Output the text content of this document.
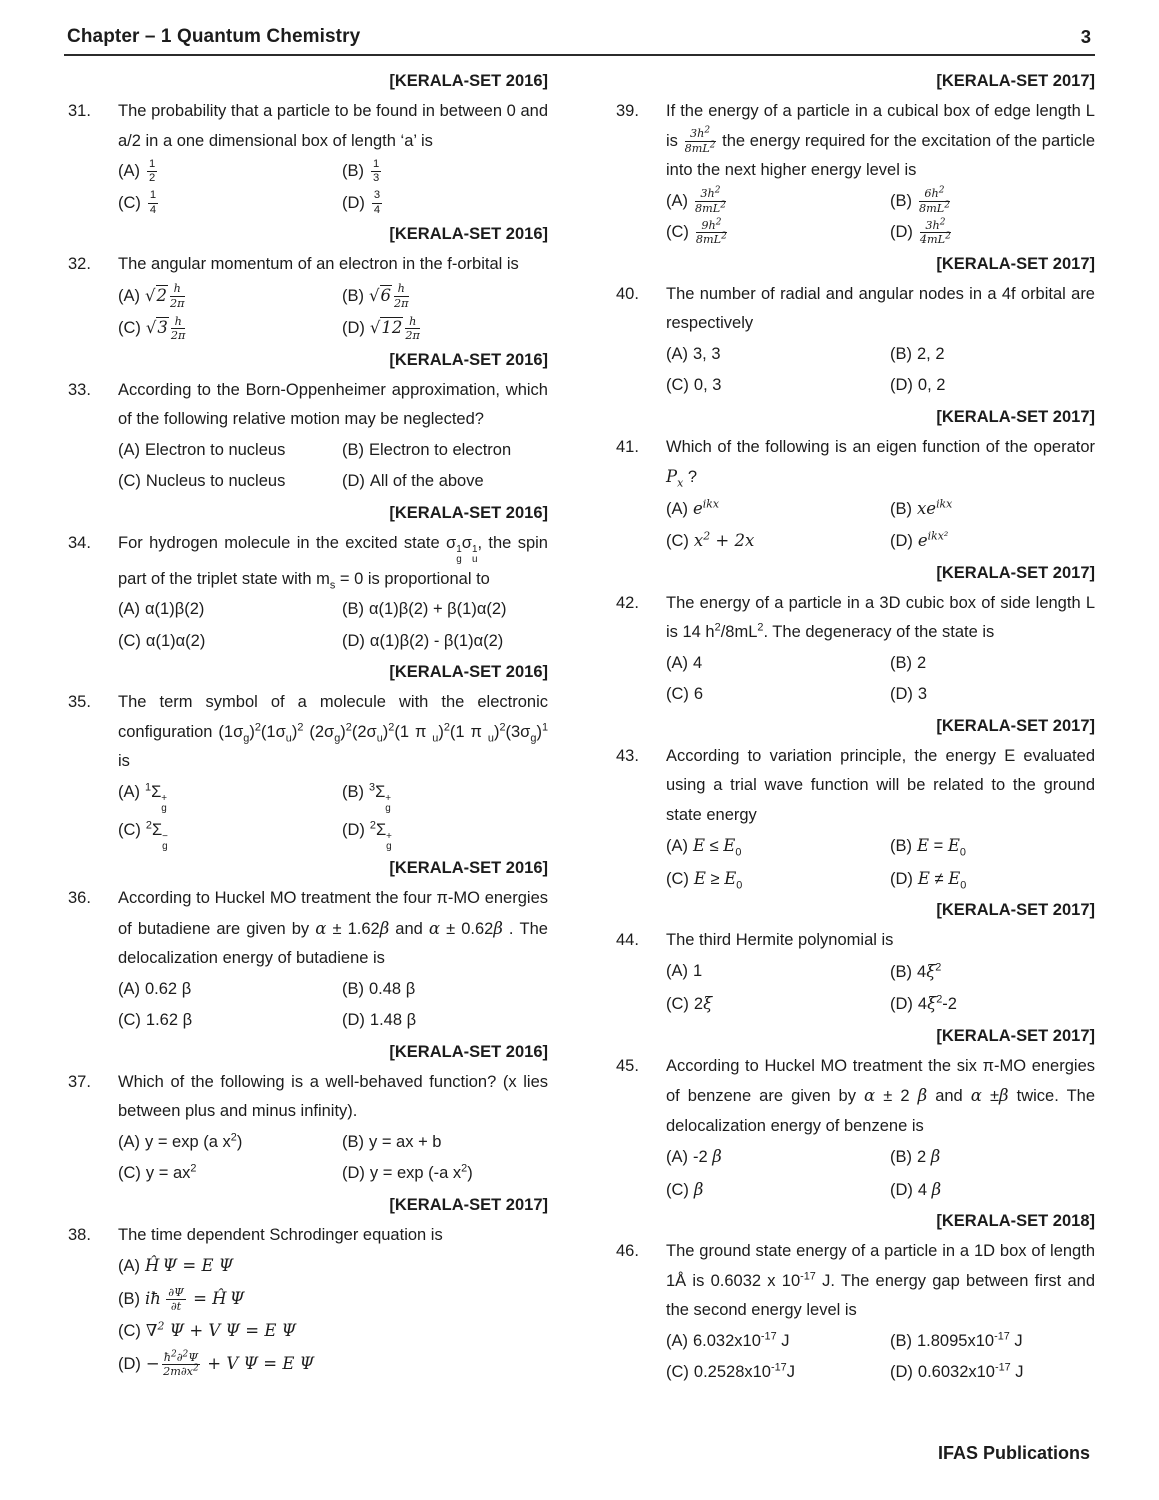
Chapter – 1 Quantum Chemistry	3
[KERALA-SET 2016]
31.	The probability that a particle to be found in between 0 and a/2 in a one dimensional box of length ‘a’ is
$(A) \frac{1}{2}$	$(B) \frac{1}{3}$
$(C) \frac{1}{4}$	$(D) \frac{3}{4}$
[KERALA-SET 2016]
32.	The angular momentum of an electron in the f-orbital is
(A) $√2 \frac{h}{2\pi}$	(B) $√6 \frac{h}{2\pi}$
(C) $√3 \frac{h}{2\pi}$	(D) $√12 \frac{h}{2\pi}$
[KERALA-SET 2016]
33.	According to the Born-Oppenheimer approximation, which of the following relative motion may be neglected?
(A) Electron to nucleus	(B) Electron to electron
(C) Nucleus to nucleus	(D) All of the above
[KERALA-SET 2016]
34.	For hydrogen molecule in the excited state σ 1
g
σ 1
u
, the spin part of the triplet state with $m_s = 0$ is proportional to
(A) α(1)β(2)	(B) α(1)β(2) + β(1)α(2)
(C) α(1)α(2)	(D) α(1)β(2) - β(1)α(2)
[KERALA-SET 2016]
35.	The term symbol of a molecule with the electronic configuration $(1\sigma_g)^2(1\sigma_u)^2$ $(2\sigma_g)^2(2\sigma_u)^2(1$ π $_u$)$^2$(1 π $_u)^2(3\sigma_g)^1$ is
(A) $^1$Σ +
g
(B) $^3$Σ +
g
(C) $^2$Σ −
g
(D) $^2$Σ +
g
[KERALA-SET 2016]
36.	According to Huckel MO treatment the four π-MO energies of butadiene are given by α ± 1.62β and α ± 0.62β . The delocalization energy of butadiene is
(A) 0.62 β	(B) 0.48 β
(C) 1.62 β	(D) 1.48 β
[KERALA-SET 2016]
37.	Which of the following is a well-behaved function? (x lies between plus and minus infinity).
(A) y = exp (a $x^2$)	(B) y = ax + b
(C) $y = ax^2$	(D) y = exp (-a $x^2$)
[KERALA-SET 2017]
38.	The time dependent Schrodinger equation is
(A) Ĥ Ψ = E Ψ
(B) iħ  $\frac{\partial\Psi}{\partial t}$ = Ĥ Ψ
(C) ∇$^2$ Ψ + V Ψ = E Ψ
$(D) - \frac{ħ^2\partial^2\Psi}{2m\partial x^2} + V$ Ψ = E Ψ
[KERALA-SET 2017]
39.	If the energy of a particle in a cubical box of edge length L is $\frac{3h^2}{8mL^2}$ the energy required for the excitation of the particle into the next higher energy level is
$(A) \frac{3h^2}{8mL^2}$	$(B) \frac{6h^2}{8mL^2}$
$(C) \frac{9h^2}{8mL^2}$	$(D) \frac{3h^2}{4mL^2}$
[KERALA-SET 2017]
40.	The number of radial and angular nodes in a 4f orbital are respectively
(A) 3, 3	(B) 2, 2
(C) 0, 3	(D) 0, 2
[KERALA-SET 2017]
41.	Which of the following is an eigen function of the operator $P_x$ ?
(A) $e^{ikx}$	(B) $xe^{ikx}$
(C) $x^2 + 2x$	(D) $e^{ikx^2}$
[KERALA-SET 2017]
42.	The energy of a particle in a 3D cubic box of side length L is 14 $h^2/8mL^2$. The degeneracy of the state is
(A) 4	(B) 2
(C) 6	(D) 3
[KERALA-SET 2017]
43.	According to variation principle, the energy E evaluated using a trial wave function will be related to the ground state energy
(A) $E \le E_0$	(B) $E = E_0$
(C) $E \ge E_0$	(D) $E \ne E_0$
[KERALA-SET 2017]
44.	The third Hermite polynomial is
(A) 1	(B) $4\xi^2$
(C) 2ξ	(D) $4\xi^2-2$
[KERALA-SET 2017]
45.	According to Huckel MO treatment the six π-MO energies of benzene are given by α ± 2 β and α ±β twice. The delocalization energy of benzene is
(A) -2 β	(B) 2 β
(C) β	(D) 4 β
[KERALA-SET 2018]
46.	The ground state energy of a particle in a 1D box of length 1Å is 0.6032 x $10^{-17}$ J. The energy gap between first and the second energy level is
(A) $6.032x10^{-17}$ J	(B) $1.8095x10^{-17}$ J
(C) $0.2528x10^{-17}J$	(D) $0.6032x10^{-17}$ J
IFAS Publications
